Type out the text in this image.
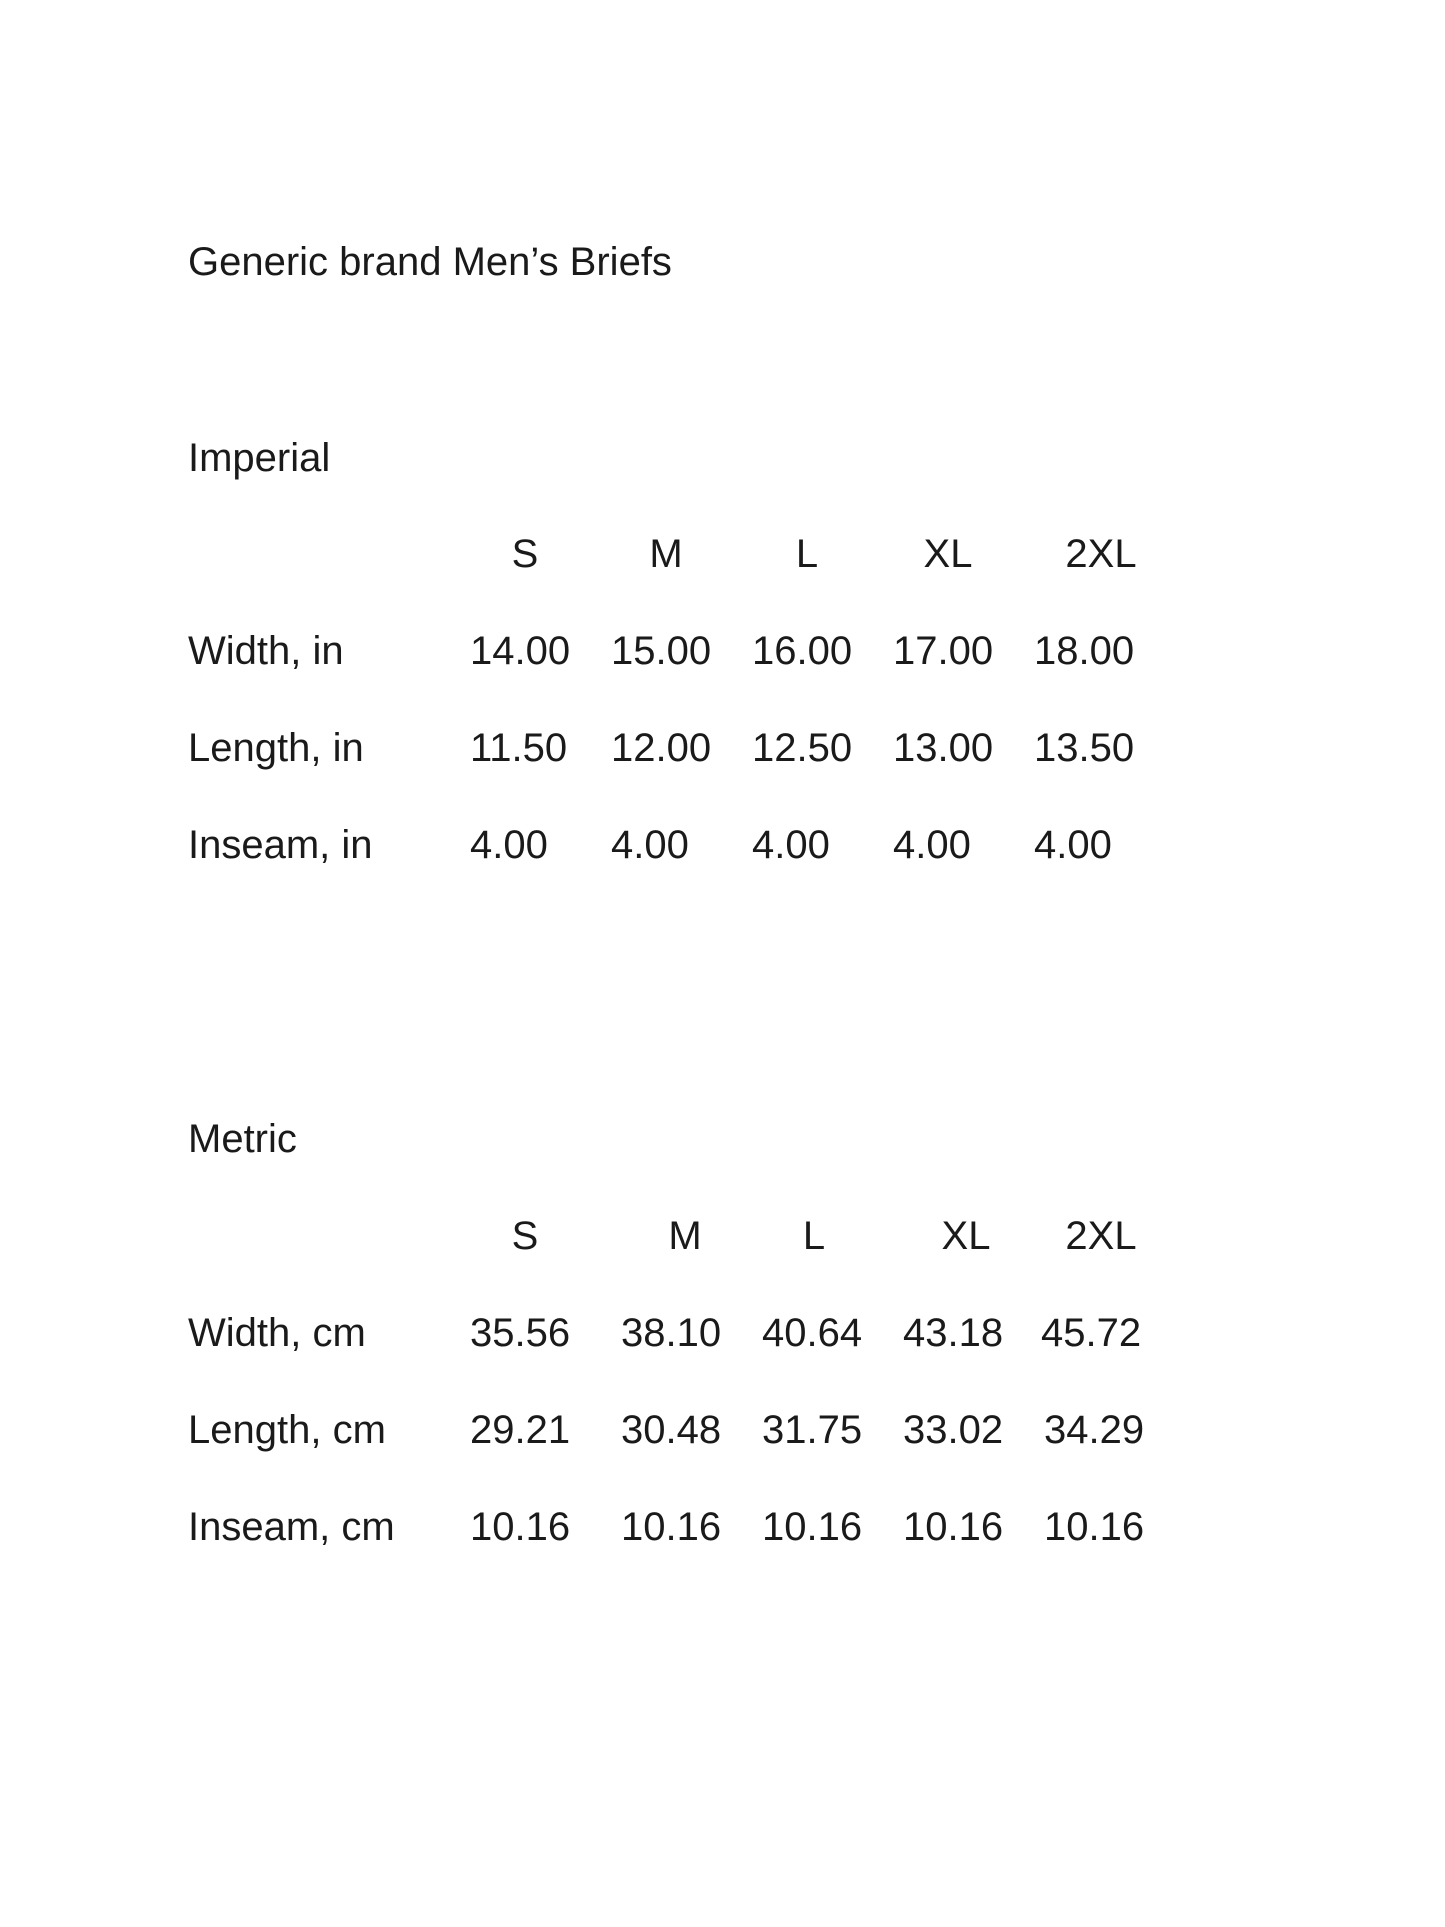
Generic brand Men’s Briefs
Imperial
S	M	L	XL	2XL
Width, in	14.00 15.00 16.00 17.00 18.00
Length, in	11.50 12.00 12.50 13.00 13.50
Inseam, in 4.00 4.00 4.00 4.00 4.00
Metric
S	M	L	XL	2XL
Width, cm	35.56 38.10 40.64 43.18 45.72
Length, cm 29.21 30.48 31.75 33.02 34.29
Inseam, cm 10.16 10.16 10.16 10.16 10.16
